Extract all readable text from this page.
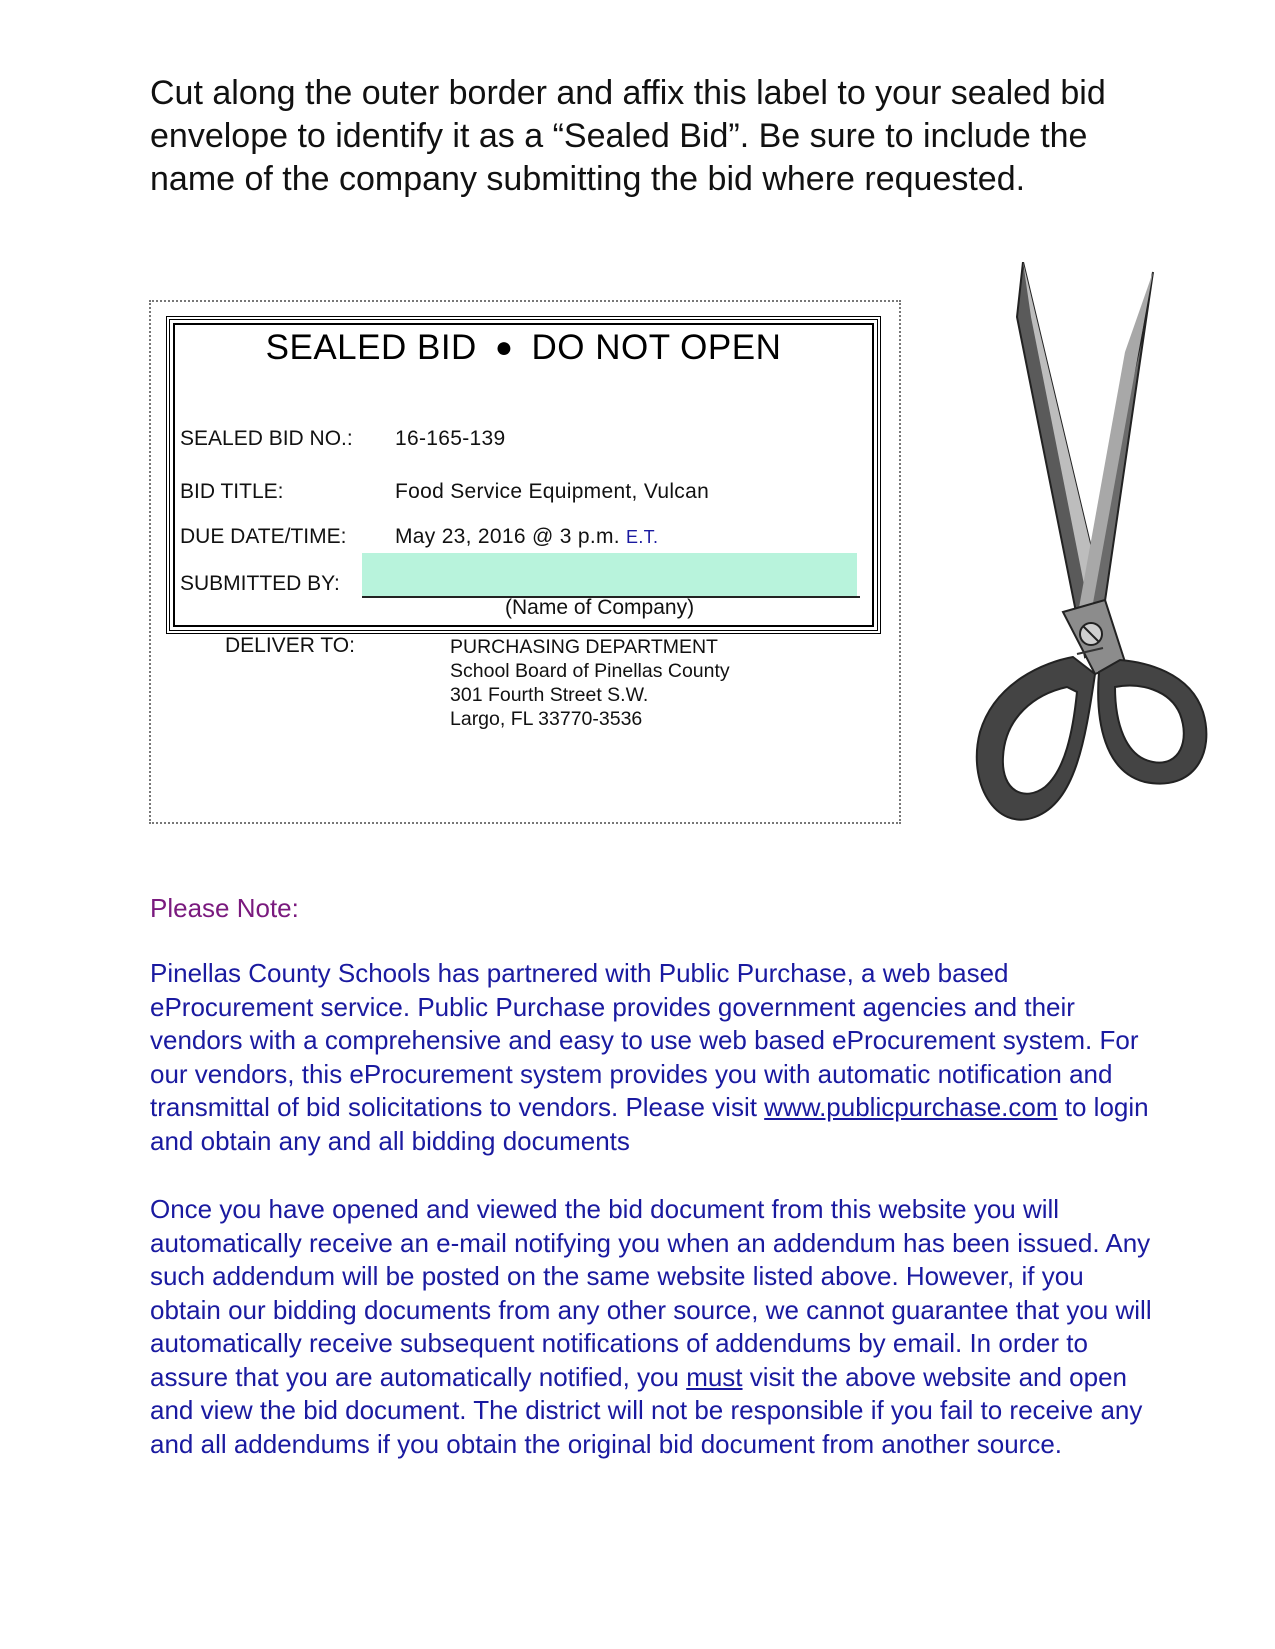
Cut along the outer border and affix this label to your sealed bid envelope to identify it as a “Sealed Bid”. Be sure to include the name of the company submitting the bid where requested.
SEALED BID ● DO NOT OPEN
SEALED BID NO.: 16-165-139
BID TITLE:	Food Service Equipment, Vulcan
DUE DATE/TIME: May 23, 2016 @ 3 p.m. E.T.
SUBMITTED BY:
(Name of Company)
DELIVER TO:	PURCHASING DEPARTMENT
School Board of Pinellas County
301 Fourth Street S.W.
Largo, FL 33770-3536
Please Note:
Pinellas County Schools has partnered with Public Purchase, a web based eProcurement service. Public Purchase provides government agencies and their vendors with a comprehensive and easy to use web based eProcurement system. For our vendors, this eProcurement system provides you with automatic notification and transmittal of bid solicitations to vendors. Please visit www.publicpurchase.com to login and obtain any and all bidding documents
Once you have opened and viewed the bid document from this website you will automatically receive an e-mail notifying you when an addendum has been issued. Any such addendum will be posted on the same website listed above. However, if you obtain our bidding documents from any other source, we cannot guarantee that you will automatically receive subsequent notifications of addendums by email. In order to assure that you are automatically notified, you must visit the above website and open and view the bid document. The district will not be responsible if you fail to receive any and all addendums if you obtain the original bid document from another source.
